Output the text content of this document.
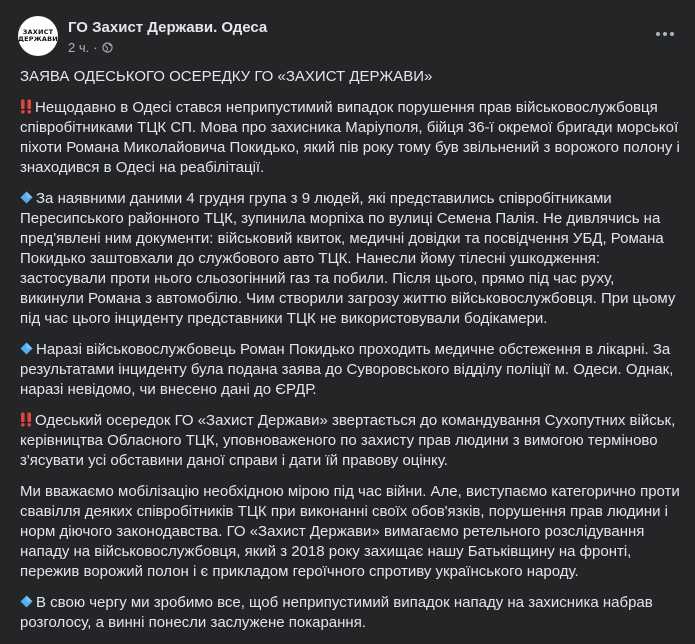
ЗАХИСТ
ДЕРЖАВИ
ГО Захист Держави. Одеса
2 ч. ·

ЗАЯВА ОДЕСЬКОГО ОСЕРЕДКУ ГО «ЗАХИСТ ДЕРЖАВИ»

Нещодавно в Одесі стався неприпустимий випадок порушення прав військовослужбовця співробітниками ТЦК СП. Мова про захисника Маріуполя, бійця 36-ї окремої бригади морської піхоти Романа Миколайовича Покидько, який пів року тому був звільнений з ворожого полону і знаходився в Одесі на реабілітації.

За наявними даними 4 грудня група з 9 людей, які представились співробітниками Пересипського районного ТЦК, зупинила морпіха по вулиці Семена Палія. Не дивлячись на пред'явлені ним документи: військовий квиток, медичні довідки та посвідчення УБД, Романа Покидько заштовхали до службового авто ТЦК. Нанесли йому тілесні ушкодження: застосували проти нього сльозогінний газ та побили. Після цього, прямо під час руху, викинули Романа з автомобілю. Чим створили загрозу життю військовослужбовця. При цьому під час цього інциденту представники ТЦК не використовували бодікамери.

Наразі військовослужбовець Роман Покидько проходить медичне обстеження в лікарні. За результатами інциденту була подана заява до Суворовського відділу поліції м. Одеси. Однак, наразі невідомо, чи внесено дані до ЄРДР.

Одеський осередок ГО «Захист Держави» звертається до командування Сухопутних військ, керівництва Обласного ТЦК, уповноваженого по захисту прав людини з вимогою терміново з'ясувати усі обставини даної справи і дати їй правову оцінку.

Ми вважаємо мобілізацію необхідною мірою під час війни. Але, виступаємо категорично проти свавілля деяких співробітників ТЦК при виконанні своїх обов'язків, порушення прав людини і норм діючого законодавства. ГО «Захист Держави» вимагаємо ретельного розслідування нападу на військовослужбовця, який з 2018 року захищає нашу Батьківщину на фронті, пережив ворожий полон і є прикладом героїчного спротиву українського народу.

В свою чергу ми зробимо все, щоб неприпустимий випадок нападу на захисника набрав розголосу, а винні понесли заслужене покарання.
